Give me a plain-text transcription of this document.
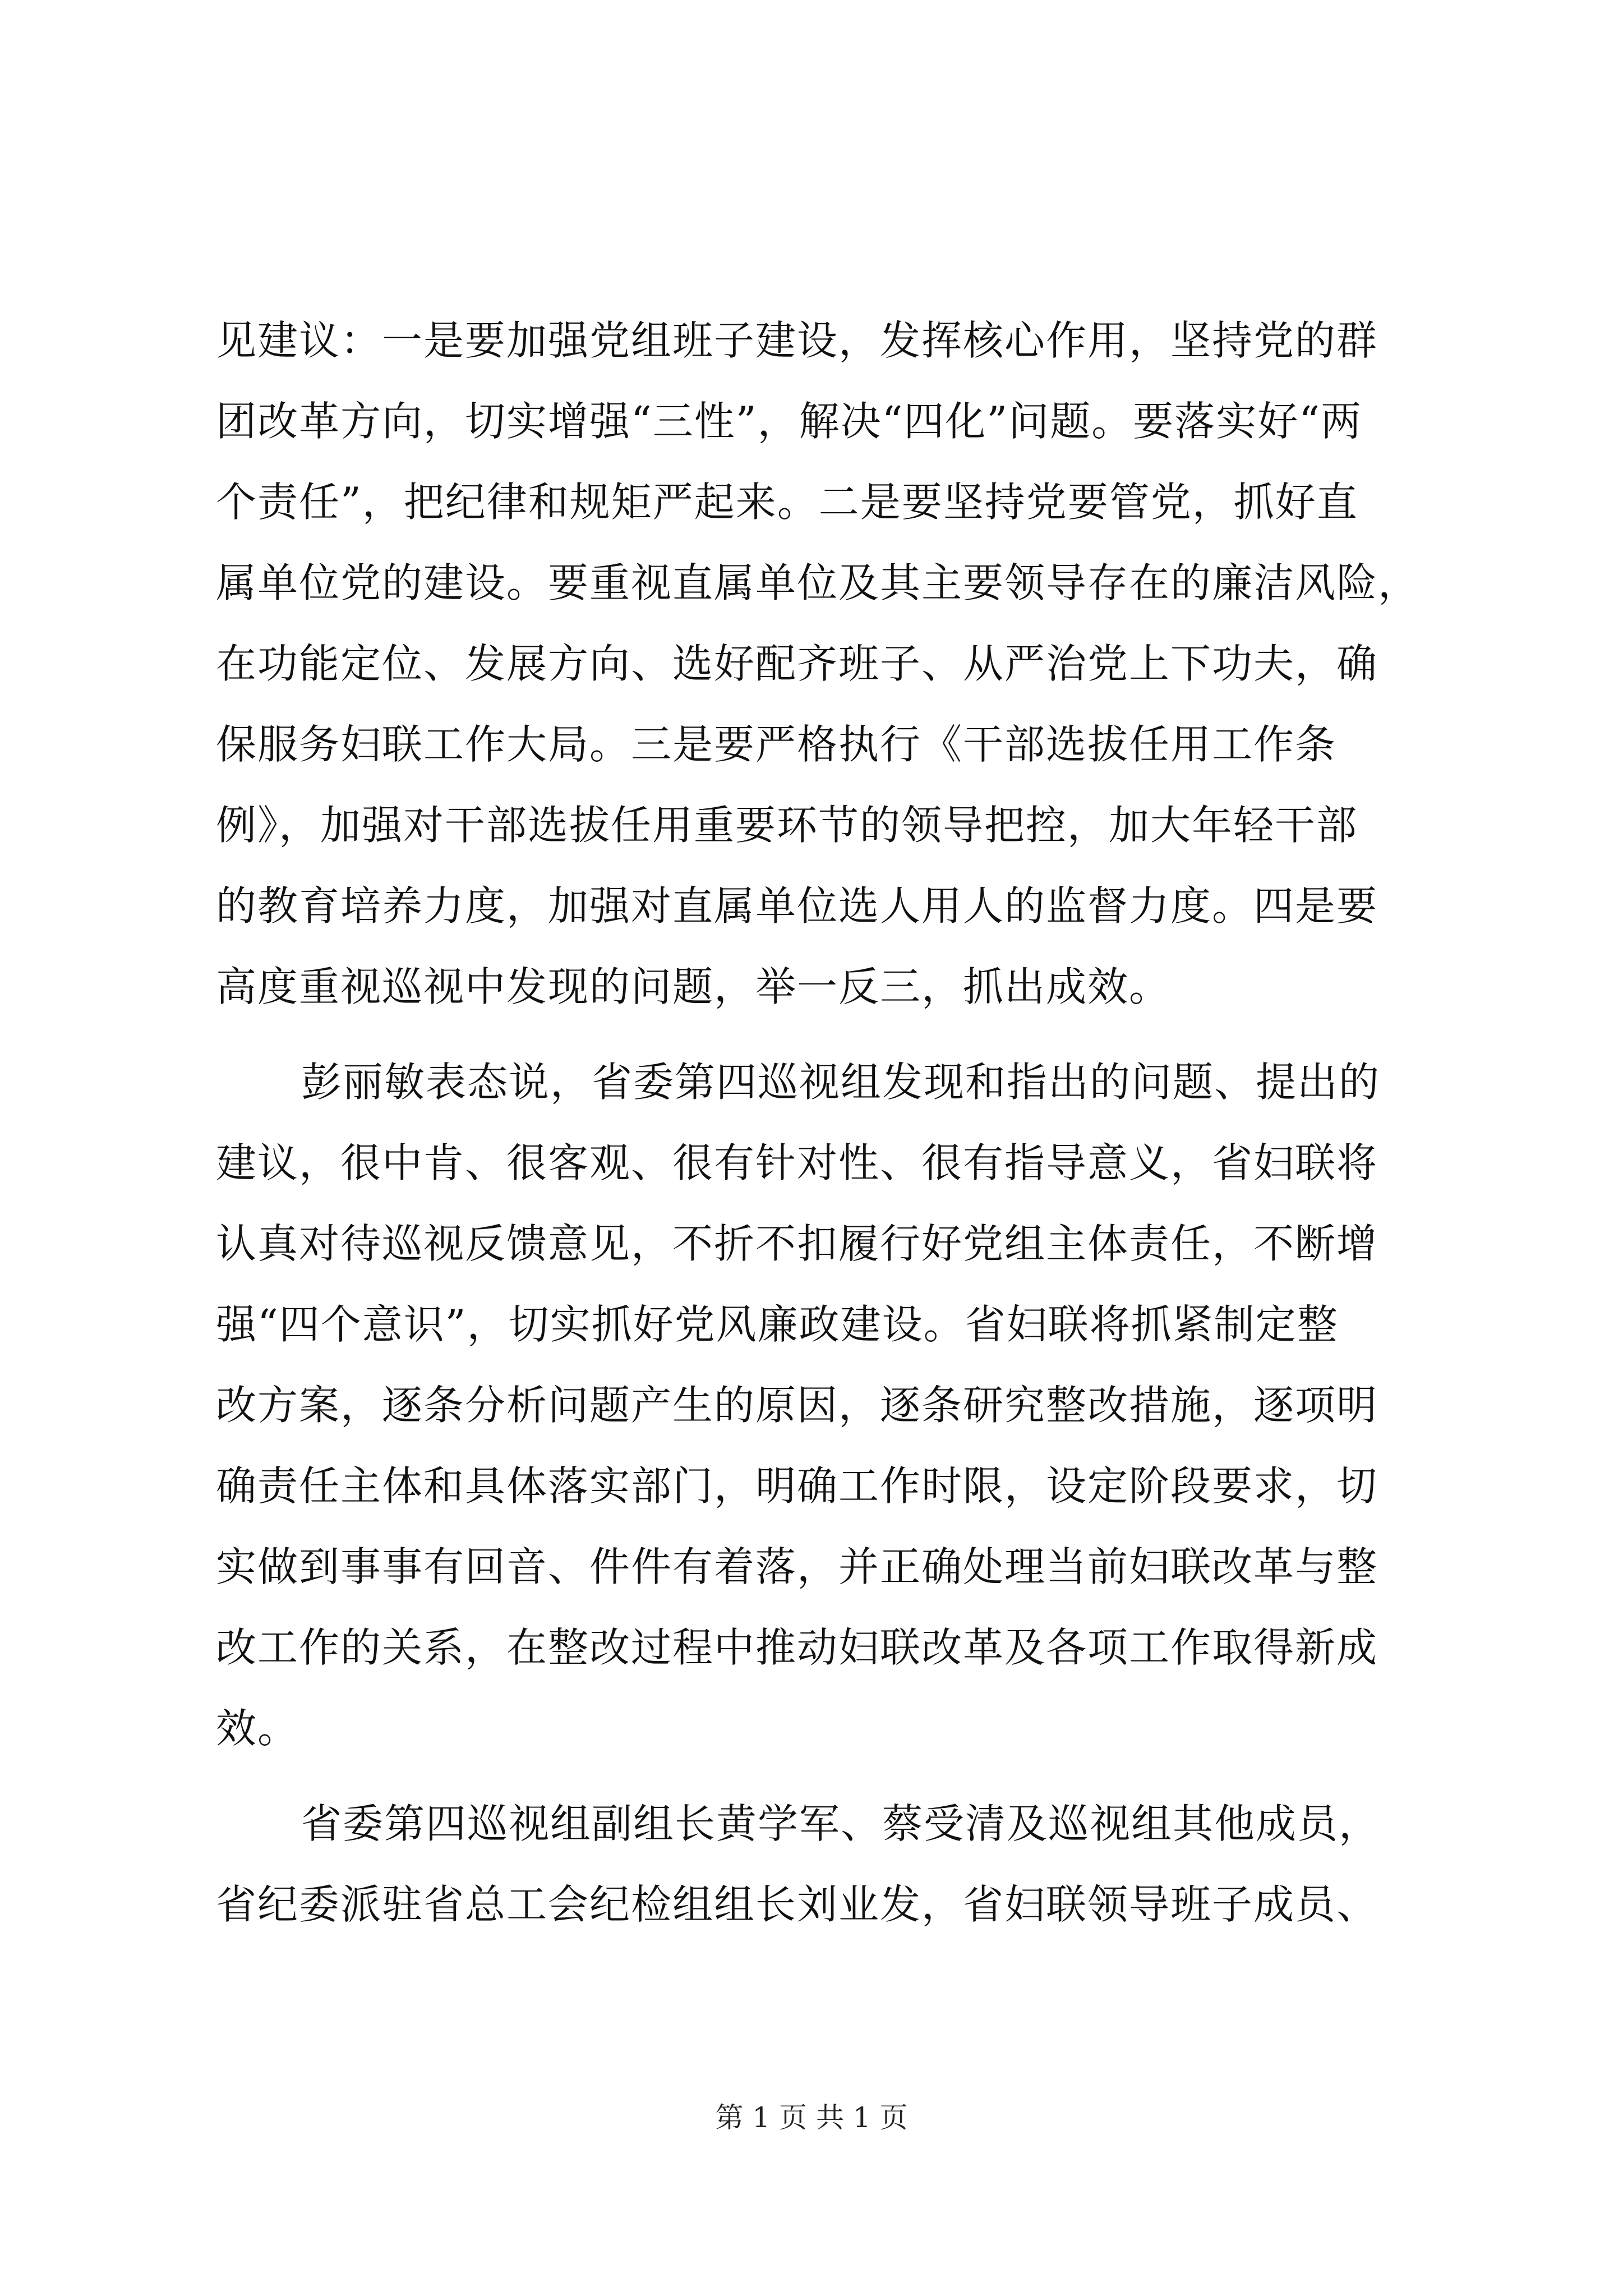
见建议：一是要加强党组班子建设，发挥核心作用，坚持党的群
团改革方向，切实增强“三性”，解决“四化”问题。要落实好“两
个责任”，把纪律和规矩严起来。二是要坚持党要管党，抓好直
属单位党的建设。要重视直属单位及其主要领导存在的廉洁风险，
在功能定位、发展方向、选好配齐班子、从严治党上下功夫，确
保服务妇联工作大局。三是要严格执行《干部选拔任用工作条
例》，加强对干部选拔任用重要环节的领导把控，加大年轻干部
的教育培养力度，加强对直属单位选人用人的监督力度。四是要
高度重视巡视中发现的问题，举一反三，抓出成效。
彭丽敏表态说，省委第四巡视组发现和指出的问题、提出的
建议，很中肯、很客观、很有针对性、很有指导意义，省妇联将
认真对待巡视反馈意见，不折不扣履行好党组主体责任，不断增
强“四个意识”，切实抓好党风廉政建设。省妇联将抓紧制定整
改方案，逐条分析问题产生的原因，逐条研究整改措施，逐项明
确责任主体和具体落实部门，明确工作时限，设定阶段要求，切
实做到事事有回音、件件有着落，并正确处理当前妇联改革与整
改工作的关系，在整改过程中推动妇联改革及各项工作取得新成
效。
省委第四巡视组副组长黄学军、蔡受清及巡视组其他成员，
省纪委派驻省总工会纪检组组长刘业发，省妇联领导班子成员、
第 1 页 共 1 页
